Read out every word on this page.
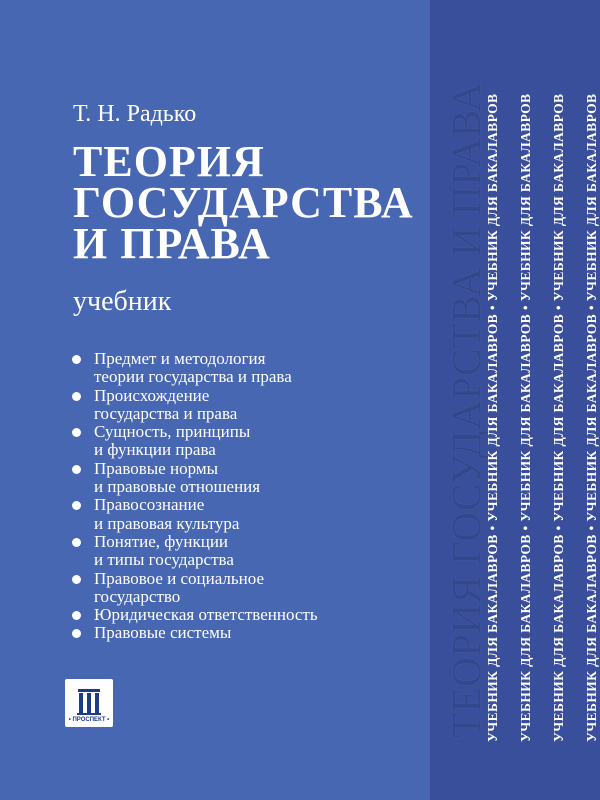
Т. Н. Радько
ТЕОРИЯ
ГОСУДАРСТВА
И ПРАВА
учебник
Предмет и методология
теории государства и права
Происхождение
государства и права
Сущность, принципы
и функции права
Правовые нормы
и правовые отношения
Правосознание
и правовая культура
Понятие, функции
и типы государства
Правовое и социальное
государство
Юридическая ответственность
Правовые системы	ТЕОРИЯ ГОСУДАРСТВА И ПРАВА
УЧЕБНИК ДЛЯ БАКАЛАВРОВ • УЧЕБНИК ДЛЯ БАКАЛАВРОВ • УЧЕБНИК ДЛЯ БАКАЛАВРОВ УЧЕБНИК ДЛЯ БАКАЛАВРОВ • УЧЕБНИК ДЛЯ БАКАЛАВРОВ • УЧЕБНИК ДЛЯ БАКАЛАВРОВ УЧЕБНИК ДЛЯ БАКАЛАВРОВ • УЧЕБНИК ДЛЯ БАКАЛАВРОВ • УЧЕБНИК ДЛЯ БАКАЛАВРОВ УЧЕБНИК ДЛЯ БАКАЛАВРОВ • УЧЕБНИК ДЛЯ БАКАЛАВРОВ • УЧЕБНИК ДЛЯ БАКАЛАВРОВ
• ПРОСПЕКТ •
